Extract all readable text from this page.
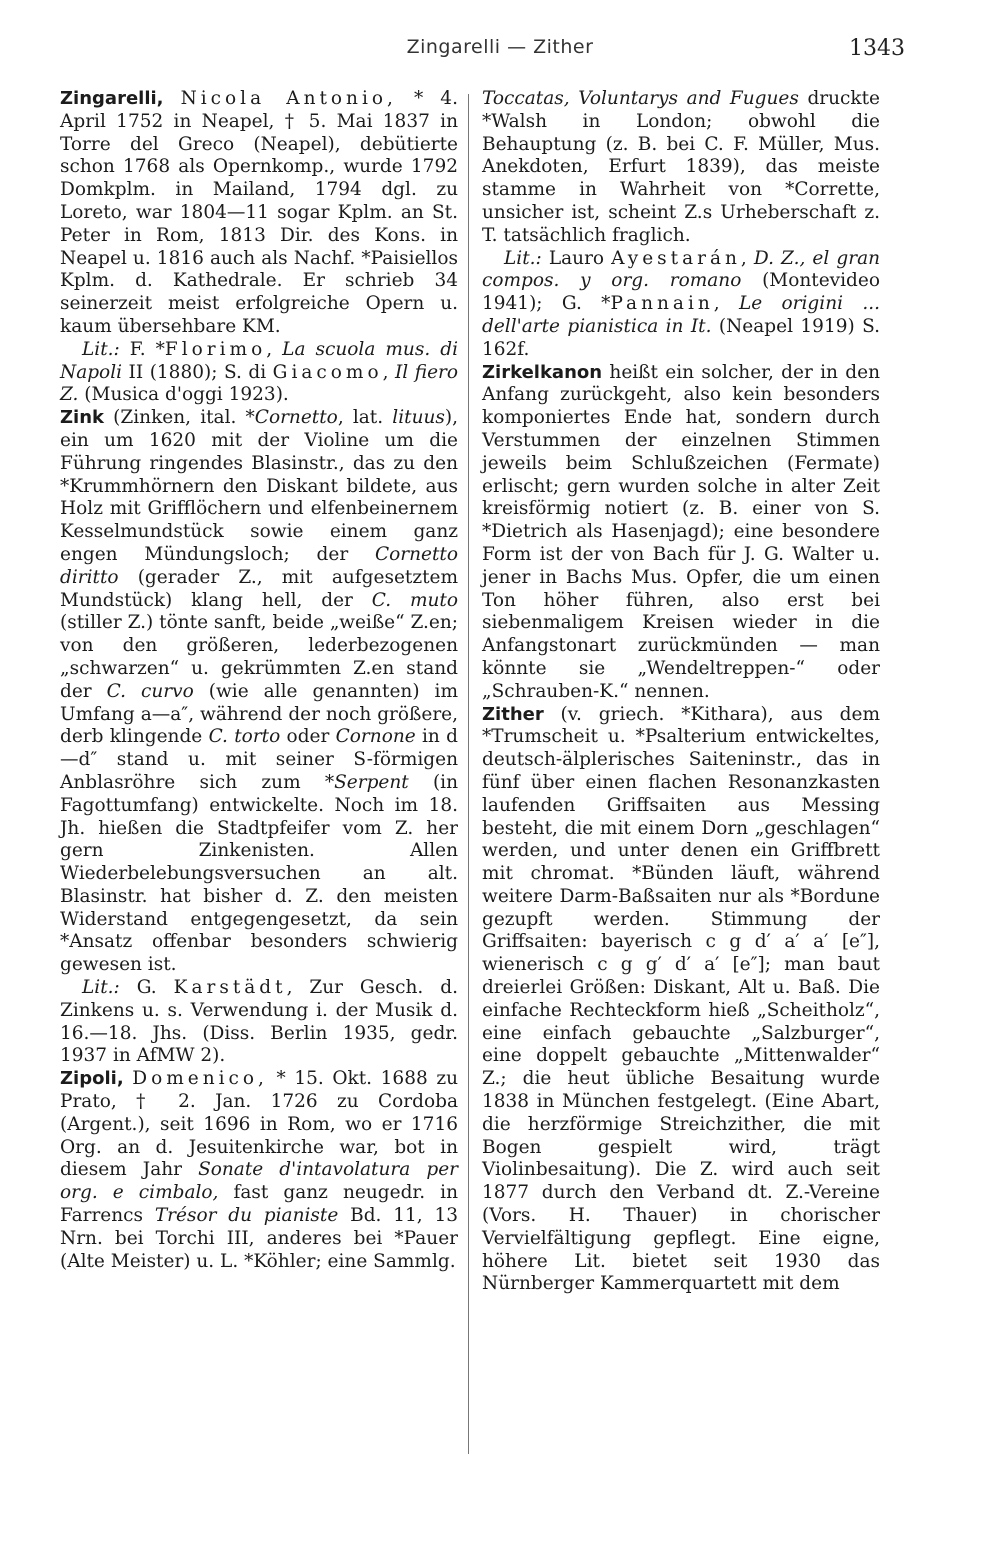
Zingarelli — Zither	1343

Zingarelli, Nicola Antonio, * 4. April 1752 in Neapel, † 5. Mai 1837 in Torre del Greco (Neapel), debütierte schon 1768 als Opernkomp., wurde 1792 Domkplm. in Mailand, 1794 dgl. zu Loreto, war 1804—11 sogar Kplm. an St. Peter in Rom, 1813 Dir. des Kons. in Neapel u. 1816 auch als Nachf. *Paisiellos Kplm. d. Kathedrale. Er schrieb 34 seinerzeit meist erfolgreiche Opern u. kaum übersehbare KM.

Lit.: F. *Florimo, La scuola mus. di Napoli II (1880); S. di Giacomo, Il fiero Z. (Musica d'oggi 1923).

Zink (Zinken, ital. *Cornetto, lat. lituus), ein um 1620 mit der Violine um die Führung ringendes Blasinstr., das zu den *Krummhörnern den Diskant bildete, aus Holz mit Grifflöchern und elfenbeinernem Kesselmundstück sowie einem ganz engen Mündungsloch; der Cornetto diritto (gerader Z., mit aufgesetztem Mundstück) klang hell, der C. muto (stiller Z.) tönte sanft, beide „weiße“ Z.en; von den größeren, lederbezogenen „schwarzen“ u. gekrümmten Z.en stand der C. curvo (wie alle genannten) im Umfang a—a″, während der noch größere, derb klingende C. torto oder Cornone in d—d″ stand u. mit seiner S-förmigen Anblasröhre sich zum *Serpent (in Fagottumfang) entwickelte. Noch im 18. Jh. hießen die Stadtpfeifer vom Z. her gern Zinkenisten. Allen Wiederbelebungsversuchen an alt. Blasinstr. hat bisher d. Z. den meisten Widerstand entgegengesetzt, da sein *Ansatz offenbar besonders schwierig gewesen ist.

Lit.: G. Karstädt, Zur Gesch. d. Zinkens u. s. Verwendung i. der Musik d. 16.—18. Jhs. (Diss. Berlin 1935, gedr. 1937 in AfMW 2).

Zipoli, Domenico, * 15. Okt. 1688 zu Prato, † 2. Jan. 1726 zu Cordoba (Argent.), seit 1696 in Rom, wo er 1716 Org. an d. Jesuitenkirche war, bot in diesem Jahr Sonate d'intavolatura per org. e cimbalo, fast ganz neugedr. in Farrencs Trésor du pianiste Bd. 11, 13 Nrn. bei Torchi III, anderes bei *Pauer (Alte Meister) u. L. *Köhler; eine Sammlg.

Toccatas, Voluntarys and Fugues druckte *Walsh in London; obwohl die Behauptung (z. B. bei C. F. Müller, Mus. Anekdoten, Erfurt 1839), das meiste stamme in Wahrheit von *Corrette, unsicher ist, scheint Z.s Urheberschaft z. T. tatsächlich fraglich.

Lit.: Lauro Ayestarán, D. Z., el gran compos. y org. romano (Montevideo 1941); G. *Pannain, Le origini ... dell'arte pianistica in It. (Neapel 1919) S. 162f.

Zirkelkanon heißt ein solcher, der in den Anfang zurückgeht, also kein besonders komponiertes Ende hat, sondern durch Verstummen der einzelnen Stimmen jeweils beim Schlußzeichen (Fermate) erlischt; gern wurden solche in alter Zeit kreisförmig notiert (z. B. einer von S. *Dietrich als Hasenjagd); eine besondere Form ist der von Bach für J. G. Walter u. jener in Bachs Mus. Opfer, die um einen Ton höher führen, also erst bei siebenmaligem Kreisen wieder in die Anfangstonart zurückmünden — man könnte sie „Wendeltreppen-“ oder „Schrauben-K.“ nennen.

Zither (v. griech. *Kithara), aus dem *Trumscheit u. *Psalterium entwickeltes, deutsch-älplerisches Saiteninstr., das in fünf über einen flachen Resonanzkasten laufenden Griffsaiten aus Messing besteht, die mit einem Dorn „geschlagen“ werden, und unter denen ein Griffbrett mit chromat. *Bünden läuft, während weitere Darm-Baßsaiten nur als *Bordune gezupft werden. Stimmung der Griffsaiten: bayerisch c g d′ a′ a′ [e″], wienerisch c g g′ d′ a′ [e″]; man baut dreierlei Größen: Diskant, Alt u. Baß. Die einfache Rechteckform hieß „Scheitholz“, eine einfach gebauchte „Salzburger“, eine doppelt gebauchte „Mittenwalder“ Z.; die heut übliche Besaitung wurde 1838 in München festgelegt. (Eine Abart, die herzförmige Streichzither, die mit Bogen gespielt wird, trägt Violinbesaitung). Die Z. wird auch seit 1877 durch den Verband dt. Z.-Vereine (Vors. H. Thauer) in chorischer Vervielfältigung gepflegt. Eine eigne, höhere Lit. bietet seit 1930 das Nürnberger Kammerquartett mit dem
